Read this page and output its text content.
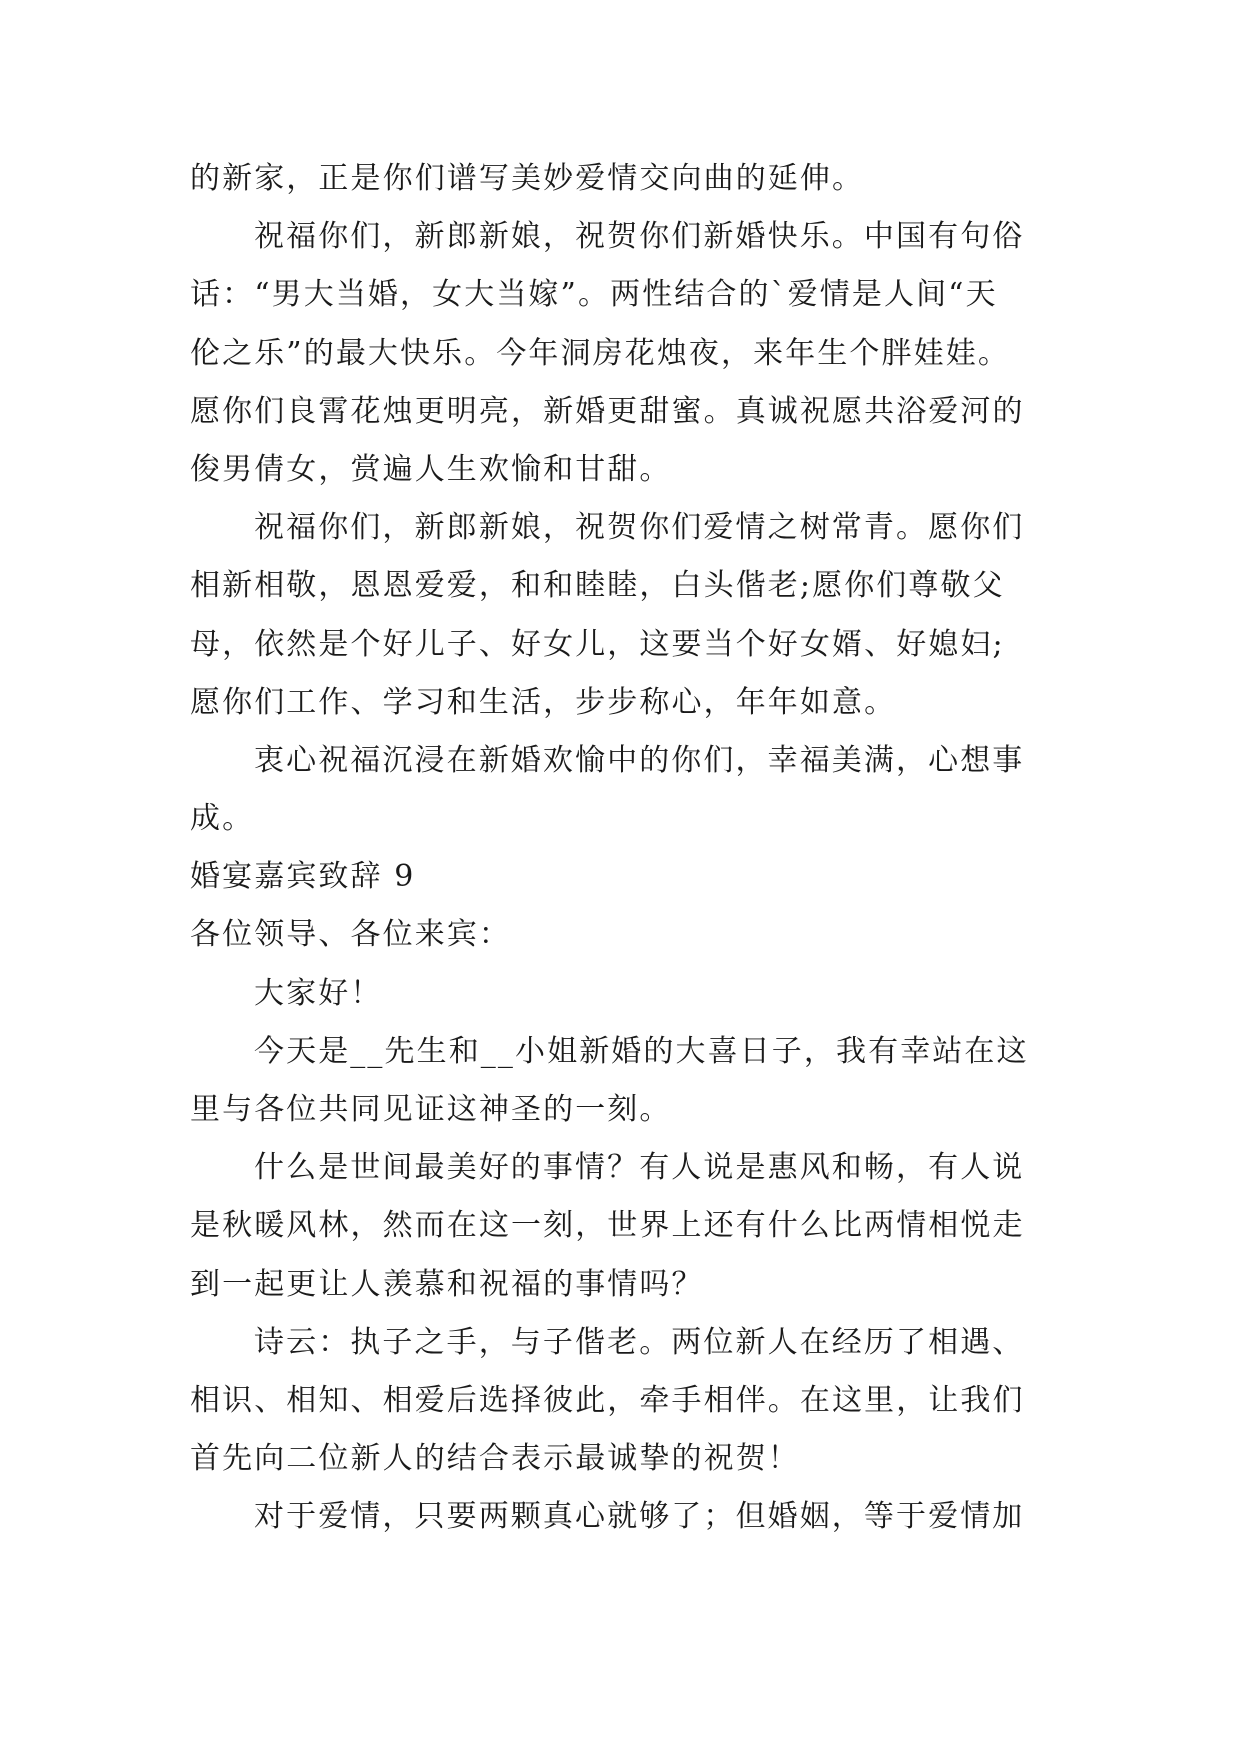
的新家，正是你们谱写美妙爱情交向曲的延伸。
祝福你们，新郎新娘，祝贺你们新婚快乐。中国有句俗
话：“男大当婚，女大当嫁”。两性结合的`爱情是人间“天
伦之乐”的最大快乐。今年洞房花烛夜，来年生个胖娃娃。
愿你们良霄花烛更明亮，新婚更甜蜜。真诚祝愿共浴爱河的
俊男倩女，赏遍人生欢愉和甘甜。
祝福你们，新郎新娘，祝贺你们爱情之树常青。愿你们
相新相敬，恩恩爱爱，和和睦睦，白头偕老;愿你们尊敬父
母，依然是个好儿子、好女儿，这要当个好女婿、好媳妇;
愿你们工作、学习和生活，步步称心，年年如意。
衷心祝福沉浸在新婚欢愉中的你们，幸福美满，心想事
成。
婚宴嘉宾致辞 9
各位领导、各位来宾：
大家好！
今天是__先生和__小姐新婚的大喜日子，我有幸站在这
里与各位共同见证这神圣的一刻。
什么是世间最美好的事情？有人说是惠风和畅，有人说
是秋暖风林，然而在这一刻，世界上还有什么比两情相悦走
到一起更让人羡慕和祝福的事情吗？
诗云：执子之手，与子偕老。两位新人在经历了相遇、
相识、相知、相爱后选择彼此，牵手相伴。在这里，让我们
首先向二位新人的结合表示最诚挚的祝贺！
对于爱情，只要两颗真心就够了；但婚姻，等于爱情加
